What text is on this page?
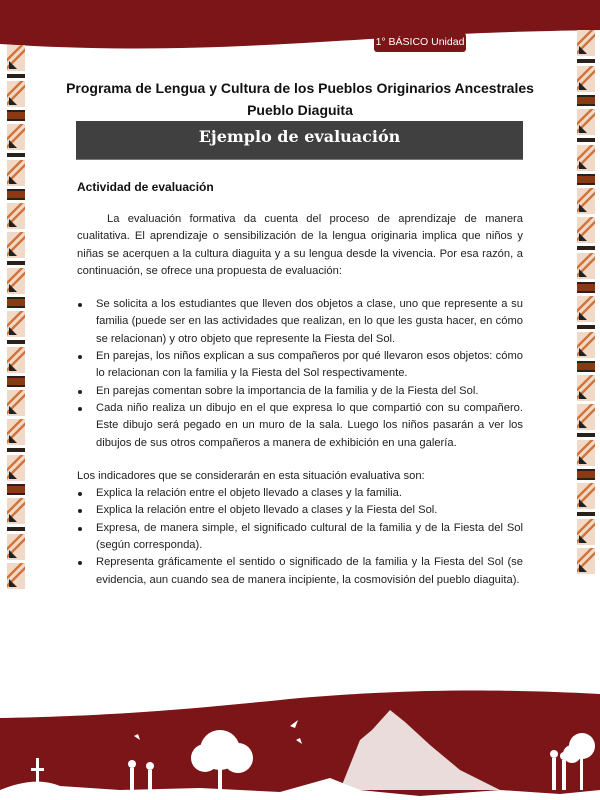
1° BÁSICO Unidad 2
Programa de Lengua y Cultura de los Pueblos Originarios Ancestrales
Pueblo Diaguita
Ejemplo de evaluación
Actividad de evaluación

La evaluación formativa da cuenta del proceso de aprendizaje de manera cualitativa. El aprendizaje o sensibilización de la lengua originaria implica que niños y niñas se acerquen a la cultura diaguita y a su lengua desde la vivencia. Por esa razón, a continuación, se ofrece una propuesta de evaluación:

Se solicita a los estudiantes que lleven dos objetos a clase, uno que represente a su familia (puede ser en las actividades que realizan, en lo que les gusta hacer, en cómo se relacionan) y otro objeto que represente la Fiesta del Sol.
En parejas, los niños explican a sus compañeros por qué llevaron esos objetos: cómo lo relacionan con la familia y la Fiesta del Sol respectivamente.
En parejas comentan sobre la importancia de la familia y de la Fiesta del Sol.
Cada niño realiza un dibujo en el que expresa lo que compartió con su compañero. Este dibujo será pegado en un muro de la sala. Luego los niños pasarán a ver los dibujos de sus otros compañeros a manera de exhibición en una galería.

Los indicadores que se considerarán en esta situación evaluativa son:

Explica la relación entre el objeto llevado a clases y la familia.
Explica la relación entre el objeto llevado a clases y la Fiesta del Sol.
Expresa, de manera simple, el significado cultural de la familia y de la Fiesta del Sol (según corresponda).
Representa gráficamente el sentido o significado de la familia y la Fiesta del Sol (se evidencia, aun cuando sea de manera incipiente, la cosmovisión del pueblo diaguita).
